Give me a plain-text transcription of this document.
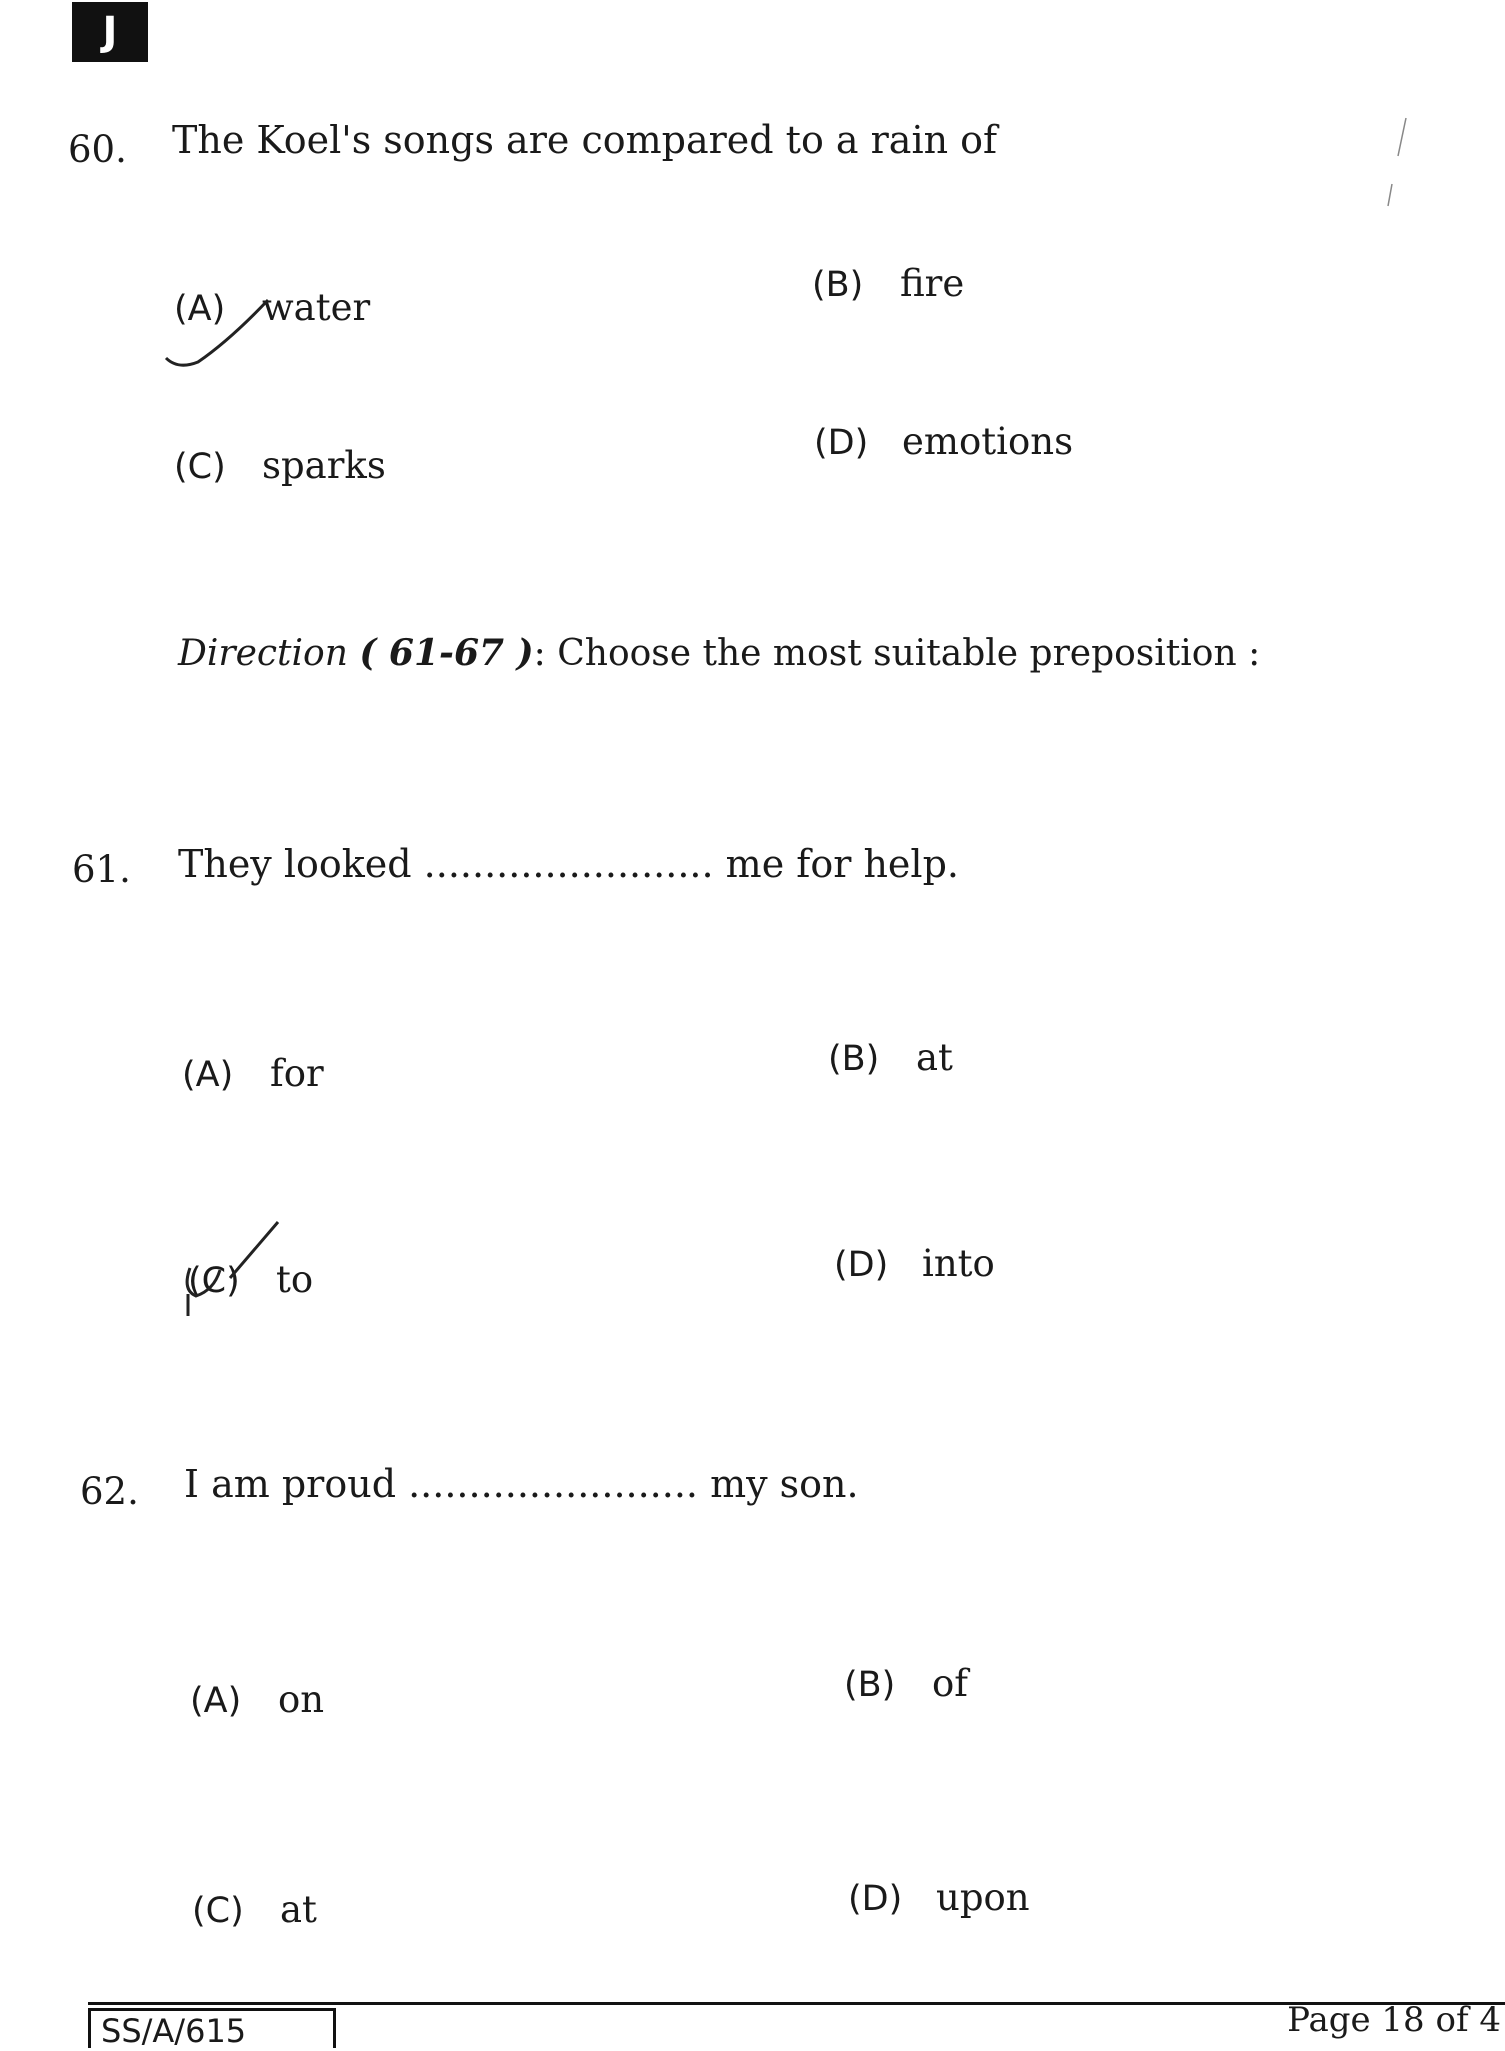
J
60. The Koel's songs are compared to a rain of
(A) water
(B) fire
(C) sparks
(D) emotions
Direction ( 61-67 ): Choose the most suitable preposition :
61. They looked ........................ me for help.
(A) for	(B) at
(C) to	(D) into
62. I am proud ........................ my son.
(A) on	(B) of
(C) at	(D) upon
SS/A/615	Page 18 of 4
